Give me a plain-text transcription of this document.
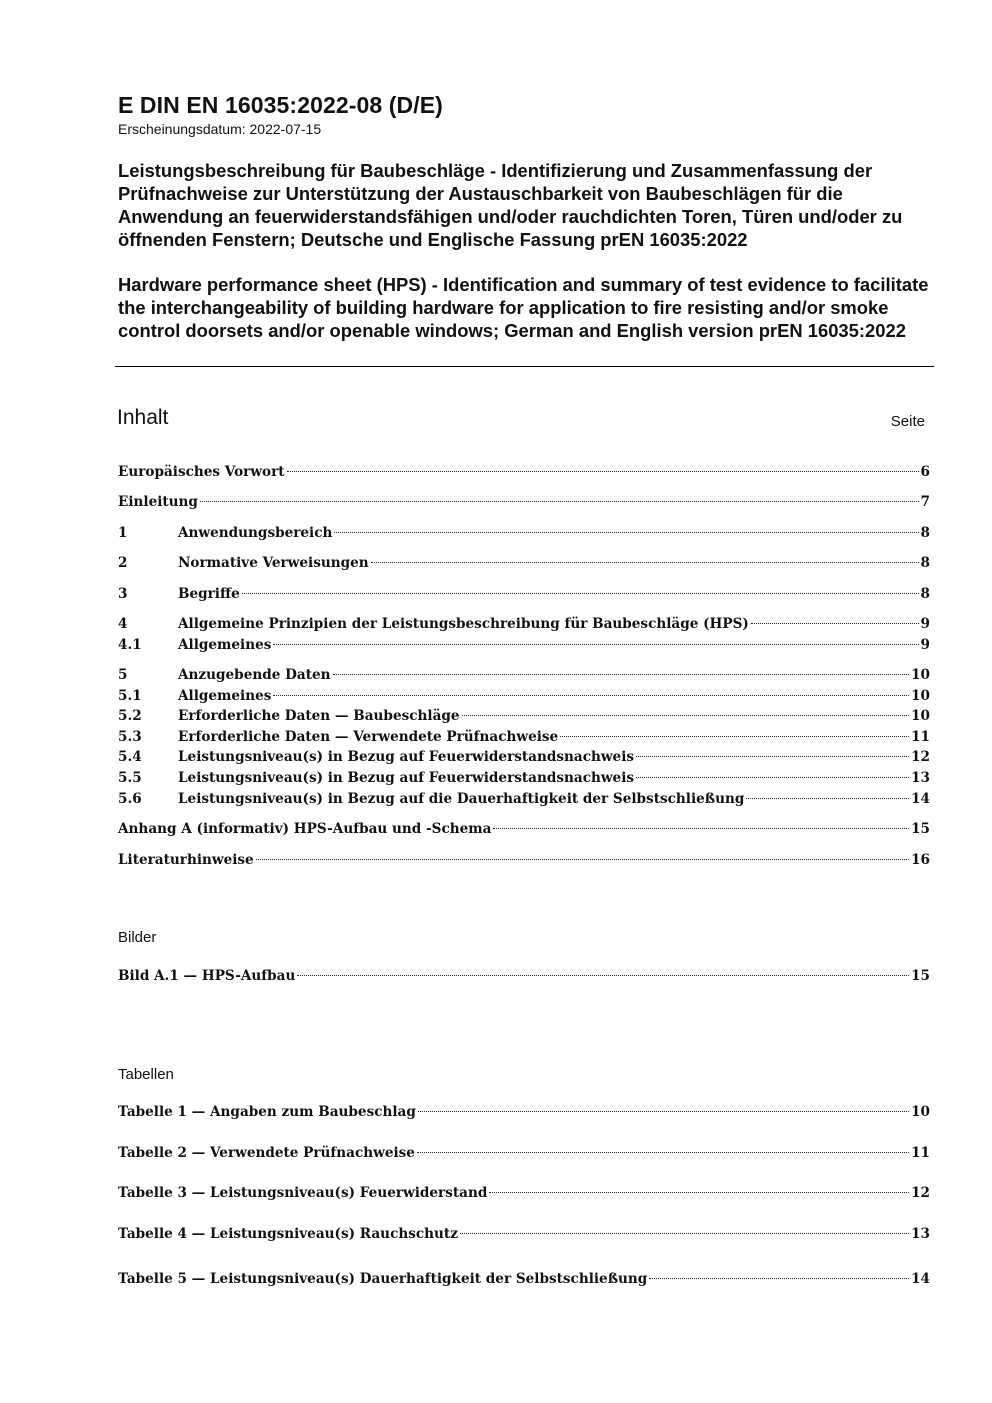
E DIN EN 16035:2022-08 (D/E)
Erscheinungsdatum: 2022-07-15
Leistungsbeschreibung für Baubeschläge - Identifizierung und Zusammenfassung der Prüfnachweise zur Unterstützung der Austauschbarkeit von Baubeschlägen für die Anwendung an feuerwiderstandsfähigen und/oder rauchdichten Toren, Türen und/oder zu öffnenden Fenstern; Deutsche und Englische Fassung prEN 16035:2022
Hardware performance sheet (HPS) - Identification and summary of test evidence to facilitate the interchangeability of building hardware for application to fire resisting and/or smoke control doorsets and/or openable windows; German and English version prEN 16035:2022
Inhalt	Seite
Europäisches Vorwort	6
Einleitung	7
1	Anwendungsbereich	8
2	Normative Verweisungen	8
3	Begriffe	8
4	Allgemeine Prinzipien der Leistungsbeschreibung für Baubeschläge (HPS)	9
4.1	Allgemeines	9
5	Anzugebende Daten	10
5.1	Allgemeines	10
5.2	Erforderliche Daten — Baubeschläge	10
5.3	Erforderliche Daten — Verwendete Prüfnachweise	11
5.4	Leistungsniveau(s) in Bezug auf Feuerwiderstandsnachweis	12
5.5	Leistungsniveau(s) in Bezug auf Feuerwiderstandsnachweis	13
5.6	Leistungsniveau(s) in Bezug auf die Dauerhaftigkeit der Selbstschließung	14
Anhang A (informativ) HPS-Aufbau und -Schema	15
Literaturhinweise	16
Bilder
Bild A.1 — HPS-Aufbau	15
Tabellen
Tabelle 1 — Angaben zum Baubeschlag	10
Tabelle 2 — Verwendete Prüfnachweise	11
Tabelle 3 — Leistungsniveau(s) Feuerwiderstand	12
Tabelle 4 — Leistungsniveau(s) Rauchschutz	13
Tabelle 5 — Leistungsniveau(s) Dauerhaftigkeit der Selbstschließung	14
